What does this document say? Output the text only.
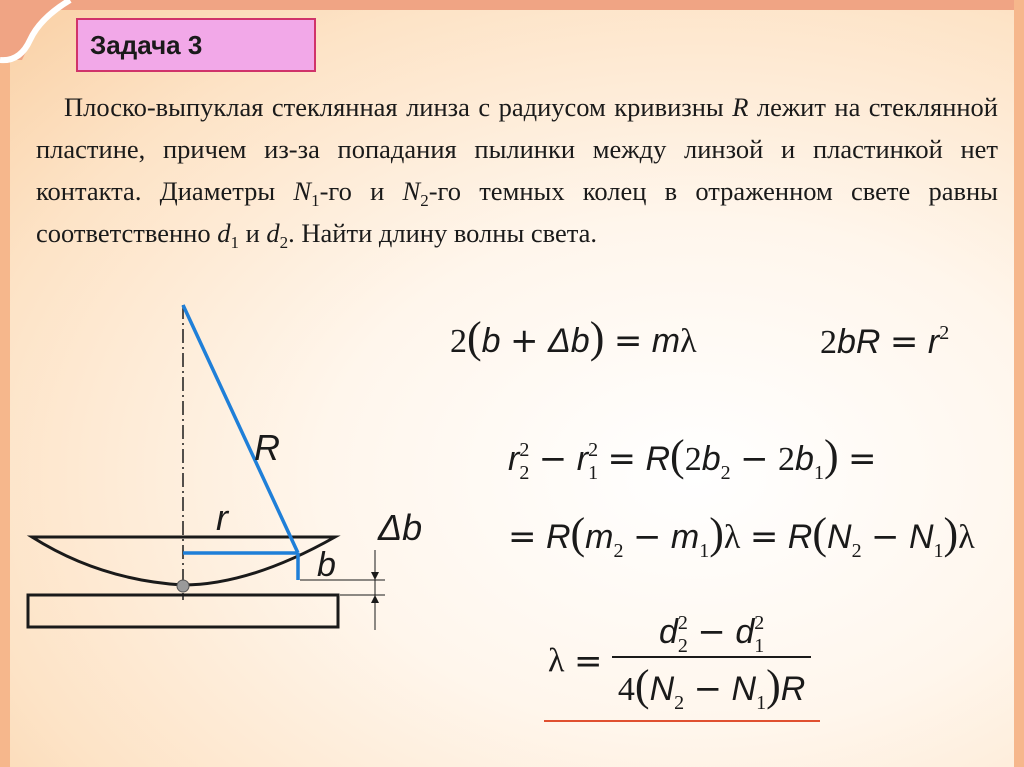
Задача 3

Плоско-выпуклая стеклянная линза с радиусом кривизны R лежит на стеклянной пластине, причем из-за попадания пылинки между линзой и пластинкой нет контакта. Диаметры $N_1-го$ и $N_2-го$ темных колец в отраженном свете равны соответственно $d_1$ и $d_2$. Найти длину волны света.

R
r
b
Δb
2(b + Δb) = mλ	$2bR = r^2$
$r_2^2 - r_1^2 = R(2b_2 - 2b_1)$ =
= $R(m_2 - m_1)\lambda = R(N_2 - N_1)\lambda$
$\lambda = \frac{d_2^2 - d_1^2}{4(N_2 - N_1)R}$
